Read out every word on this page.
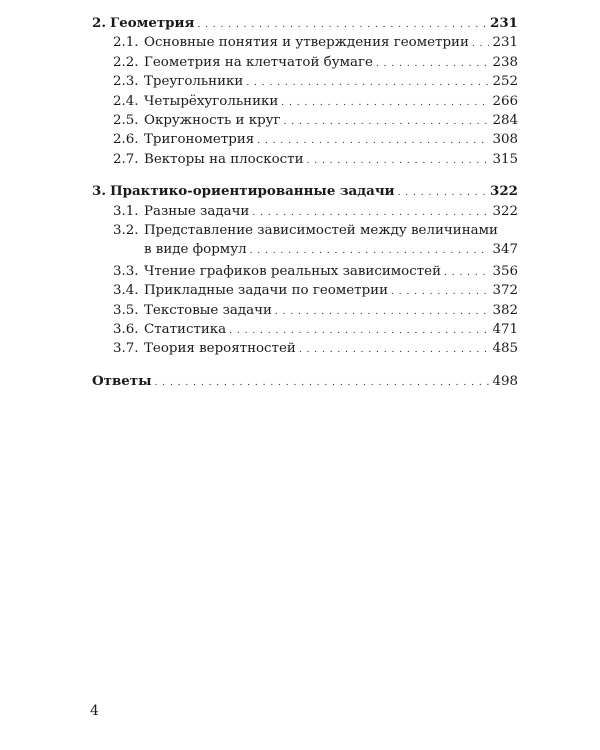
2. Геометрия . . .	231
2.1. Основные понятия и утверждения геометрии . . . 231
2.2. Геометрия на клетчатой бумаге . . .	238
2.3. Треугольники . . .	252
2.4. Четырёхугольники . . .	266
2.5. Окружность и круг . . .	284
2.6. Тригонометрия . . .	308
2.7. Векторы на плоскости . . .	315
3. Практико-ориентированные задачи . . .	322
3.1. Разные задачи . . .	322
3.2. Представление зависимостей между величинами
в виде формул . . .	347
3.3. Чтение графиков реальных зависимостей . . .	356
3.4. Прикладные задачи по геометрии . . .	372
3.5. Текстовые задачи . . .	382
3.6. Статистика . . .	471
3.7. Теория вероятностей . . .	485
Ответы . . .	498
4
